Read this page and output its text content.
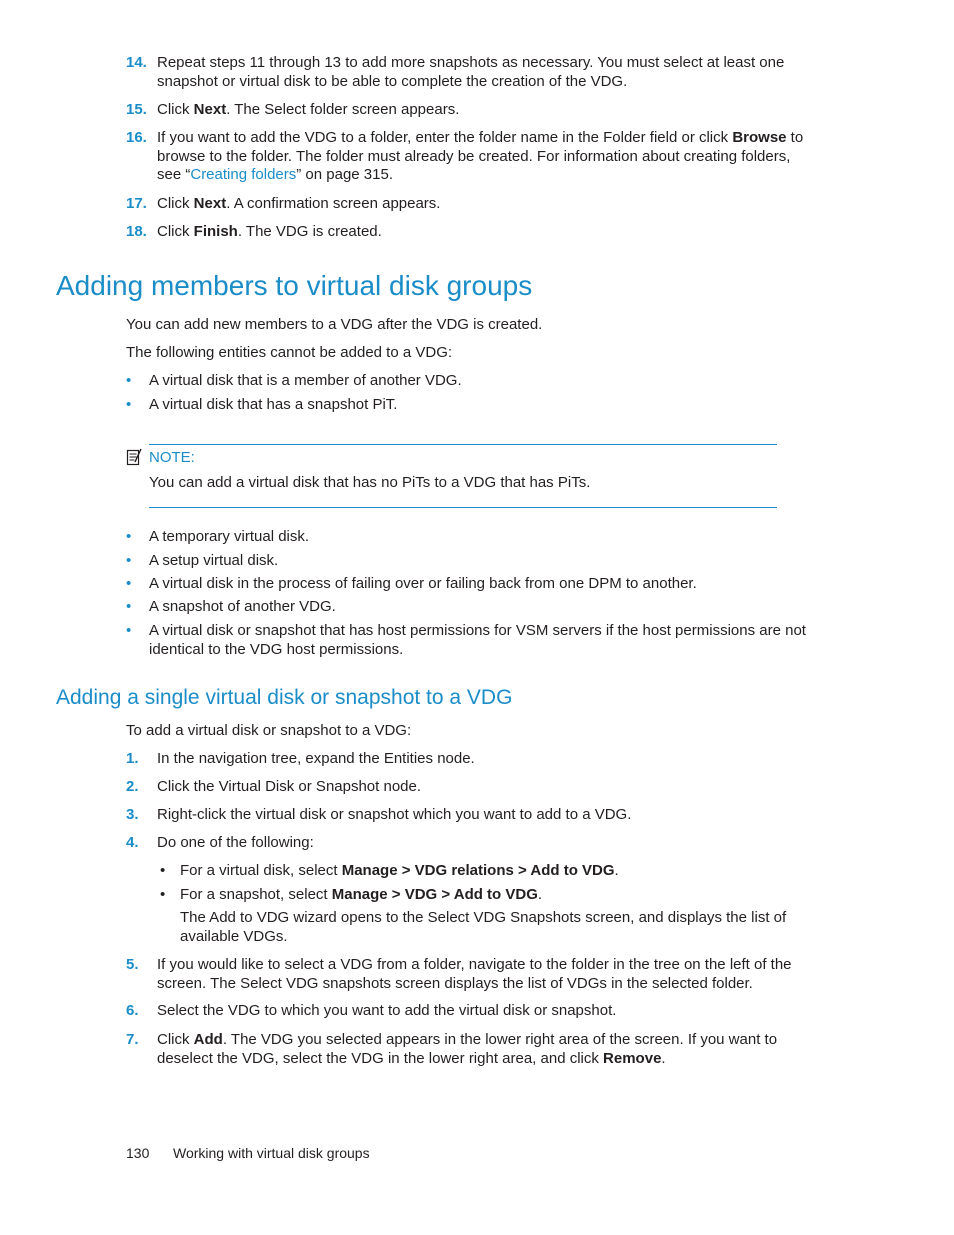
14. Repeat steps 11 through 13 to add more snapshots as necessary. You must select at least one snapshot or virtual disk to be able to complete the creation of the VDG.
15. Click Next. The Select folder screen appears.
16. If you want to add the VDG to a folder, enter the folder name in the Folder field or click Browse to browse to the folder. The folder must already be created. For information about creating folders, see “Creating folders” on page 315.
17. Click Next. A confirmation screen appears.
18. Click Finish. The VDG is created.
Adding members to virtual disk groups
You can add new members to a VDG after the VDG is created.
The following entities cannot be added to a VDG:
• A virtual disk that is a member of another VDG.
• A virtual disk that has a snapshot PiT.
NOTE:
You can add a virtual disk that has no PiTs to a VDG that has PiTs.
• A temporary virtual disk.
• A setup virtual disk.
• A virtual disk in the process of failing over or failing back from one DPM to another.
• A snapshot of another VDG.
• A virtual disk or snapshot that has host permissions for VSM servers if the host permissions are not identical to the VDG host permissions.
Adding a single virtual disk or snapshot to a VDG
To add a virtual disk or snapshot to a VDG:
1. In the navigation tree, expand the Entities node.
2. Click the Virtual Disk or Snapshot node.
3. Right-click the virtual disk or snapshot which you want to add to a VDG.
4. Do one of the following:
• For a virtual disk, select Manage > VDG relations > Add to VDG.
• For a snapshot, select Manage > VDG > Add to VDG.
The Add to VDG wizard opens to the Select VDG Snapshots screen, and displays the list of available VDGs.
5. If you would like to select a VDG from a folder, navigate to the folder in the tree on the left of the screen. The Select VDG snapshots screen displays the list of VDGs in the selected folder.
6. Select the VDG to which you want to add the virtual disk or snapshot.
7. Click Add. The VDG you selected appears in the lower right area of the screen. If you want to deselect the VDG, select the VDG in the lower right area, and click Remove.
130 Working with virtual disk groups
